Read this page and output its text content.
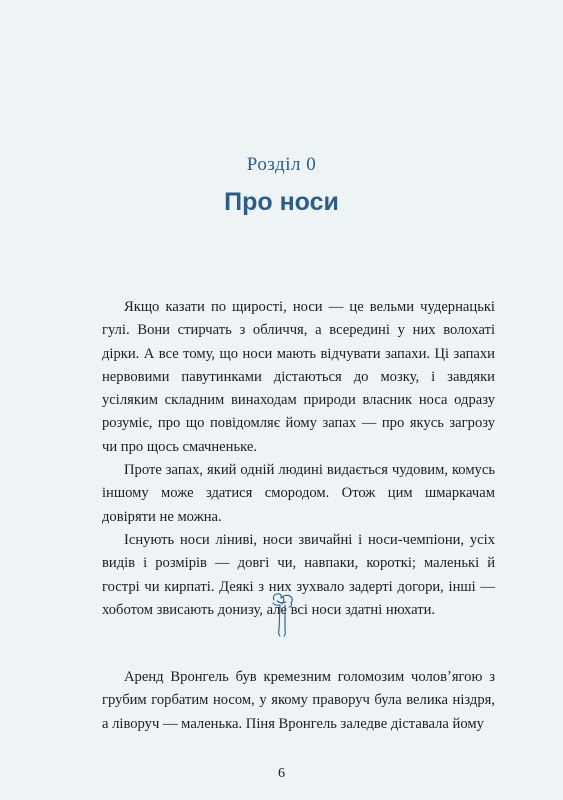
Розділ 0
Про носи

Якщо казати по щирості, носи — це вельми чудернацькі гулі. Вони стирчать з обличчя, а всередині у них волохаті дірки. А все тому, що носи мають відчувати запахи. Ці запахи нервовими павутинками дістаються до мозку, і завдяки усіляким складним винаходам природи власник носа одразу розуміє, про що повідомляє йому запах — про якусь загрозу чи про щось смачненьке.

Проте запах, який одній людині видається чудовим, комусь іншому може здатися смородом. Отож цим шмаркачам довіряти не можна.

Існують носи ліниві, носи звичайні і носи-чемпіони, усіх видів і розмірів — довгі чи, навпаки, короткі; маленькі й гострі чи кирпаті. Деякі з них зухвало задерті догори, інші — хоботом звисають донизу, але всі носи здатні нюхати.

Аренд Вронгель був кремезним голомозим чоловʼягою з грубим горбатим носом, у якому праворуч була велика ніздря, а ліворуч — маленька. Піня Вронгель заледве діставала йому

6
